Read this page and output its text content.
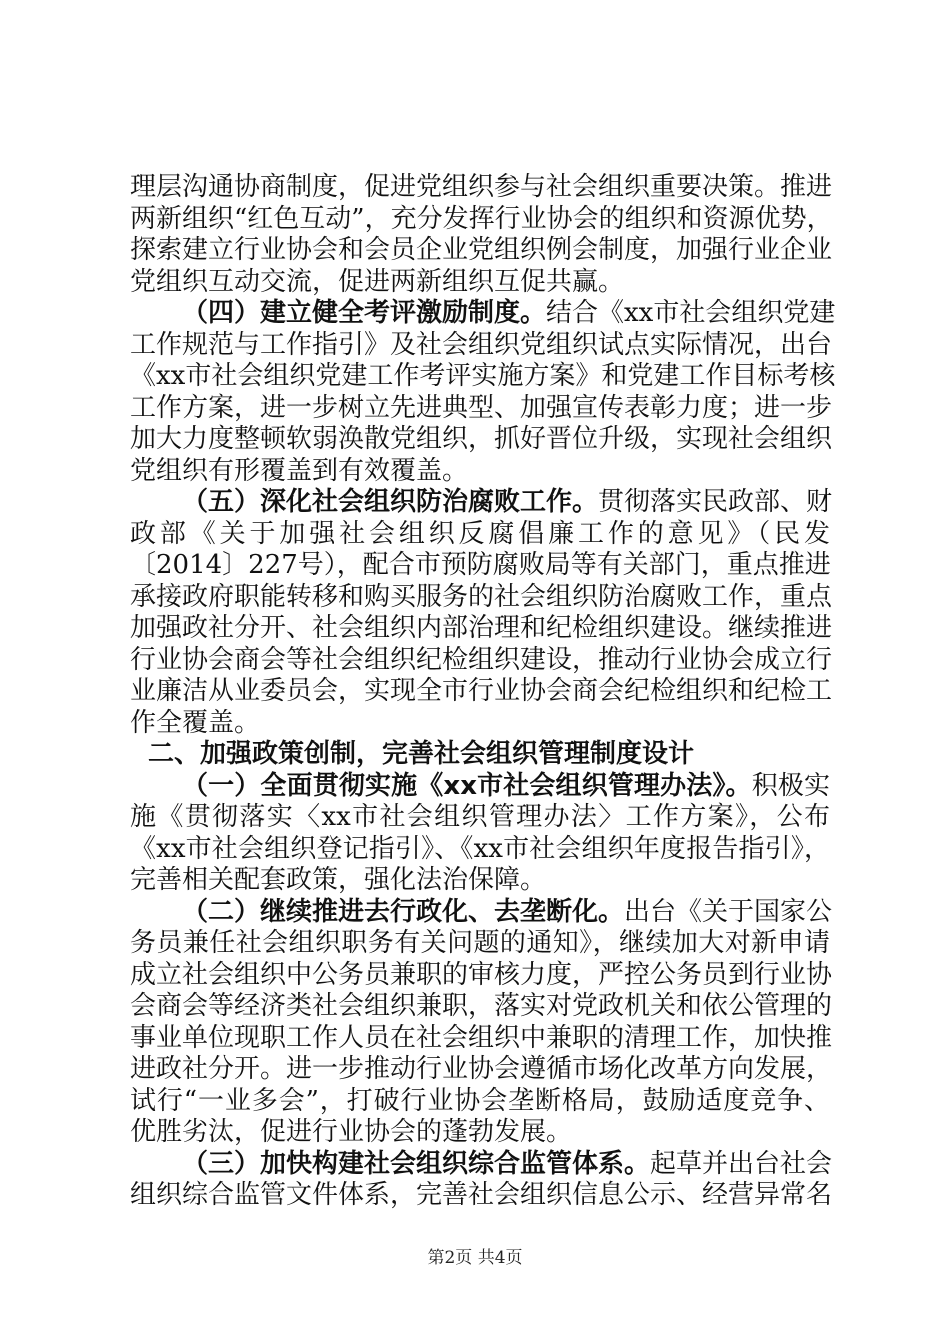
理层沟通协商制度，促进党组织参与社会组织重要决策。推进
两新组织“红色互动”，充分发挥行业协会的组织和资源优势，
探索建立行业协会和会员企业党组织例会制度，加强行业企业
党组织互动交流，促进两新组织互促共赢。
（四）建立健全考评激励制度。结合《xx市社会组织党建
工作规范与工作指引》及社会组织党组织试点实际情况，出台
《xx市社会组织党建工作考评实施方案》和党建工作目标考核
工作方案，进一步树立先进典型、加强宣传表彰力度；进一步
加大力度整顿软弱涣散党组织，抓好晋位升级，实现社会组织
党组织有形覆盖到有效覆盖。
（五）深化社会组织防治腐败工作。贯彻落实民政部、财
政部《关于加强社会组织反腐倡廉工作的意见》（民发
〔2014〕227号），配合市预防腐败局等有关部门，重点推进
承接政府职能转移和购买服务的社会组织防治腐败工作，重点
加强政社分开、社会组织内部治理和纪检组织建设。继续推进
行业协会商会等社会组织纪检组织建设，推动行业协会成立行
业廉洁从业委员会，实现全市行业协会商会纪检组织和纪检工
作全覆盖。
二、加强政策创制，完善社会组织管理制度设计
（一）全面贯彻实施《xx市社会组织管理办法》。积极实
施《贯彻落实〈xx市社会组织管理办法〉工作方案》，公布
《xx市社会组织登记指引》、《xx市社会组织年度报告指引》，
完善相关配套政策，强化法治保障。
（二）继续推进去行政化、去垄断化。出台《关于国家公
务员兼任社会组织职务有关问题的通知》，继续加大对新申请
成立社会组织中公务员兼职的审核力度，严控公务员到行业协
会商会等经济类社会组织兼职，落实对党政机关和依公管理的
事业单位现职工作人员在社会组织中兼职的清理工作，加快推
进政社分开。进一步推动行业协会遵循市场化改革方向发展，
试行“一业多会”，打破行业协会垄断格局，鼓励适度竞争、
优胜劣汰，促进行业协会的蓬勃发展。
（三）加快构建社会组织综合监管体系。起草并出台社会
组织综合监管文件体系，完善社会组织信息公示、经营异常名
第2页 共4页
